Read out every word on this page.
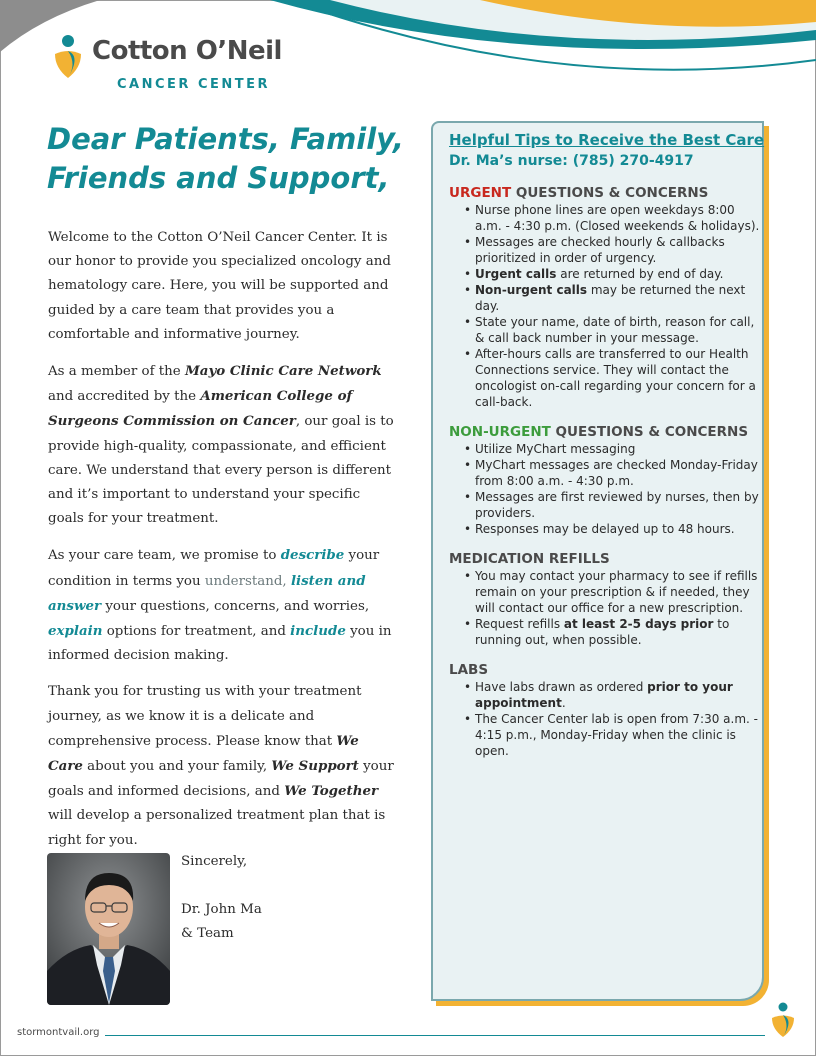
Cotton O’Neil
CANCER CENTER
Dear Patients, Family,
Friends and Support,

Welcome to the Cotton O’Neil Cancer Center. It is our honor to provide you specialized oncology and hematology care. Here, you will be supported and guided by a care team that provides you a comfortable and informative journey.

As a member of the Mayo Clinic Care Network and accredited by the American College of Surgeons Commission on Cancer, our goal is to provide high-quality, compassionate, and efficient care. We understand that every person is different and it’s important to understand your specific goals for your treatment.

As your care team, we promise to describe your condition in terms you understand, listen and answer your questions, concerns, and worries, explain options for treatment, and include you in informed decision making.

Thank you for trusting us with your treatment journey, as we know it is a delicate and comprehensive process. Please know that We Care about you and your family, We Support your goals and informed decisions, and We Together will develop a personalized treatment plan that is right for you.

Sincerely,
Dr. John Ma
& Team
Helpful Tips to Receive the Best Care
Dr. Ma’s nurse: (785) 270-4917
URGENT QUESTIONS & CONCERNS
• Nurse phone lines are open weekdays 8:00 a.m. - 4:30 p.m. (Closed weekends & holidays).
• Messages are checked hourly & callbacks prioritized in order of urgency.
• Urgent calls are returned by end of day.
• Non-urgent calls may be returned the next day.
• State your name, date of birth, reason for call, & call back number in your message.
• After-hours calls are transferred to our Health Connections service. They will contact the oncologist on-call regarding your concern for a call-back.
NON-URGENT QUESTIONS & CONCERNS
• Utilize MyChart messaging
• MyChart messages are checked Monday-Friday from 8:00 a.m. - 4:30 p.m.
• Messages are first reviewed by nurses, then by providers.
• Responses may be delayed up to 48 hours.
MEDICATION REFILLS
• You may contact your pharmacy to see if refills remain on your prescription & if needed, they will contact our office for a new prescription.
• Request refills at least 2-5 days prior to running out, when possible.
LABS
• Have labs drawn as ordered prior to your appointment.
• The Cancer Center lab is open from 7:30 a.m. - 4:15 p.m., Monday-Friday when the clinic is open.
stormontvail.org
